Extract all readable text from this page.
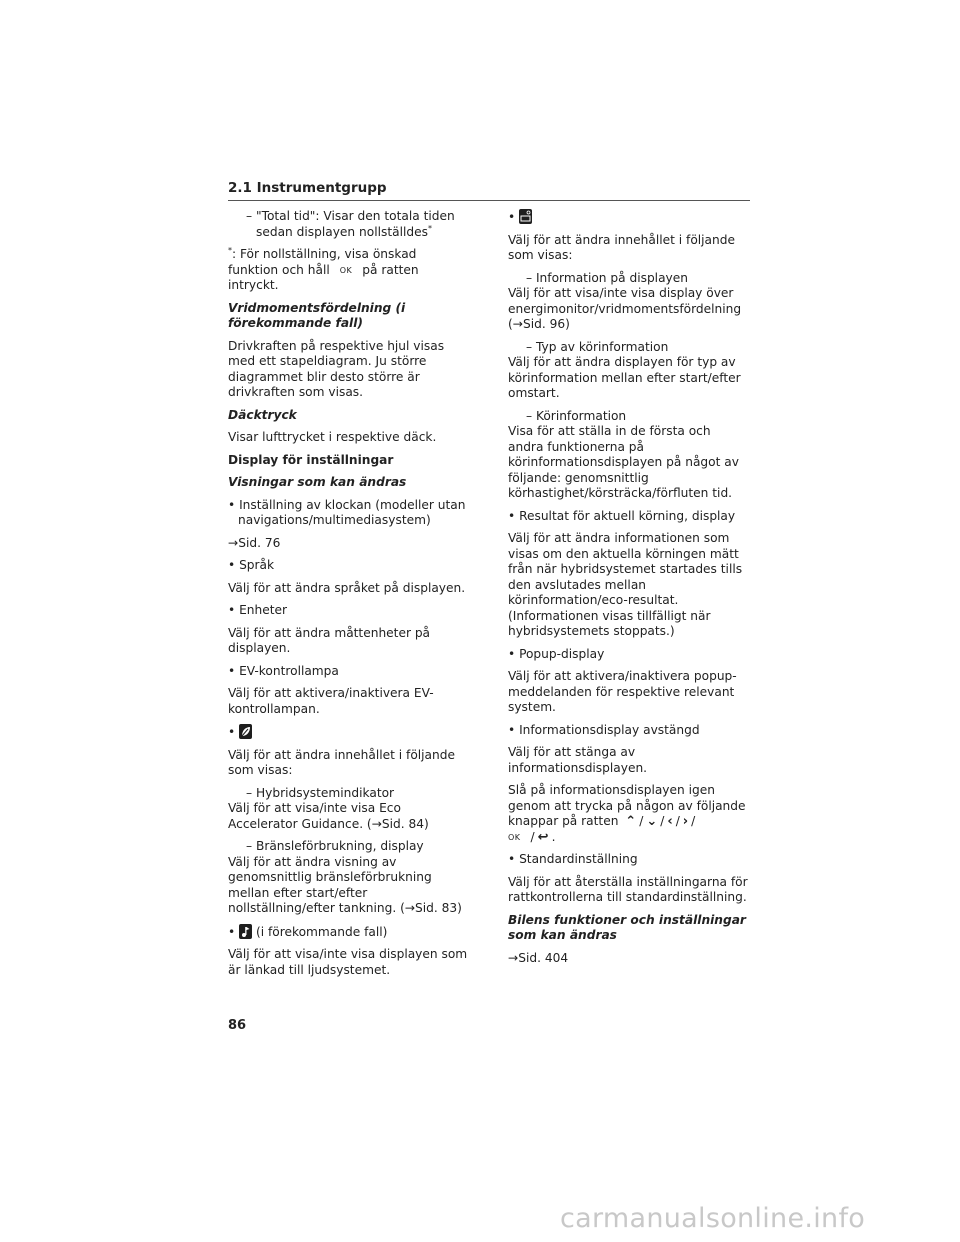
2.1 Instrumentgrupp
– "Total tid": Visar den totala tiden sedan displayen nollställdes*
*: För nollställning, visa önskad funktion och håll OK på ratten intryckt.
Vridmomentsfördelning (i förekommande fall)
Drivkraften på respektive hjul visas med ett stapeldiagram. Ju större diagrammet blir desto större är drivkraften som visas.
Däcktryck
Visar lufttrycket i respektive däck.
Display för inställningar
Visningar som kan ändras
• Inställning av klockan (modeller utan navigations/multimediasystem)
→Sid. 76
• Språk
Välj för att ändra språket på displayen.
• Enheter
Välj för att ändra måttenheter på displayen.
• EV-kontrollampa
Välj för att aktivera/inaktivera EV-kontrollampan.
•
Välj för att ändra innehållet i följande som visas:
– Hybridsystemindikator
Välj för att visa/inte visa Eco Accelerator Guidance. (→Sid. 84)
– Bränsleförbrukning, display
Välj för att ändra visning av genomsnittlig bränsleförbrukning mellan efter start/efter nollställning/efter tankning. (→Sid. 83)
• (i förekommande fall)
Välj för att visa/inte visa displayen som är länkad till ljudsystemet.
•
Välj för att ändra innehållet i följande som visas:
– Information på displayen
Välj för att visa/inte visa display över energimonitor/vridmomentsfördelning (→Sid. 96)
– Typ av körinformation
Välj för att ändra displayen för typ av körinformation mellan efter start/efter omstart.
– Körinformation
Visa för att ställa in de första och andra funktionerna på körinformationsdisplayen på något av följande: genomsnittlig körhastighet/körsträcka/förfluten tid.
• Resultat för aktuell körning, display
Välj för att ändra informationen som visas om den aktuella körningen mätt från när hybridsystemet startades tills den avslutades mellan körinformation/eco-resultat. (Informationen visas tillfälligt när hybridsystemets stoppats.)
• Popup-display
Välj för att aktivera/inaktivera popup-meddelanden för respektive relevant system.
• Informationsdisplay avstängd
Välj för att stänga av informationsdisplayen.
Slå på informationsdisplayen igen genom att trycka på någon av följande knappar på ratten ⌃ / ⌄ / ‹ / › /
OK / ↩ .
• Standardinställning
Välj för att återställa inställningarna för rattkontrollerna till standardinställning.
Bilens funktioner och inställningar som kan ändras
→Sid. 404
86
carmanualsonline.info
